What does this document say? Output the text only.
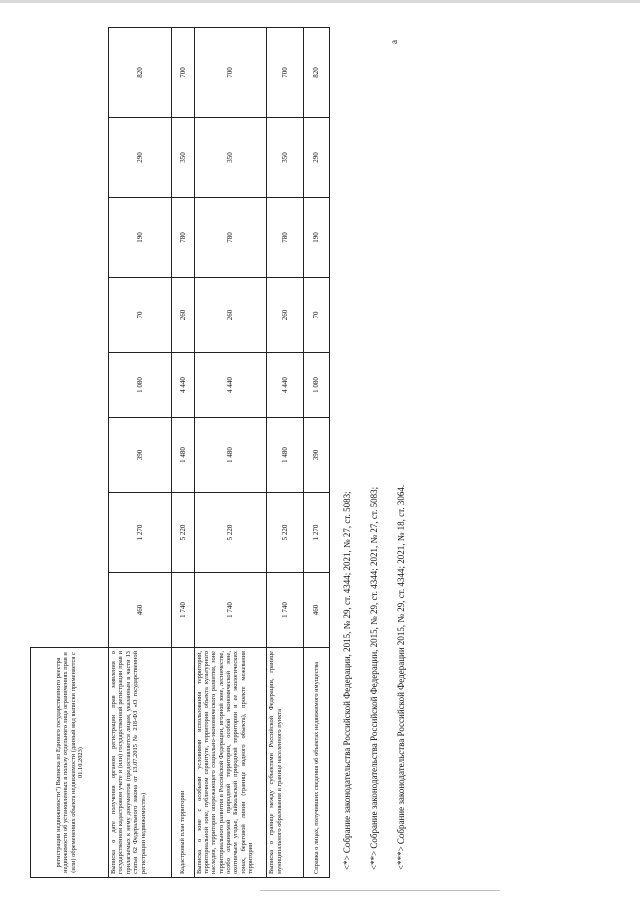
а
регистрации недвижимости") Выписка из Единого государственного реестра недвижимости об установленных в пользу отдельного лица ограничениях прав и (или) обременениях объекта недвижимости (данный вид выписки применяется с 01.10.2023)								
Выписка о дате получения органом регистрации прав заявления о государственном кадастровом учете и (или) государственной регистрации прав и прилагаемых к нему документов (предоставляется лицам, указанным в части 13 статьи 62 Федерального закона от 13.07.2015 № 218-ФЗ «О государственной регистрации недвижимости»)	460	1 270	390	1 080	70	190	290	820
Кадастровый план территории	1 740	5 220	1 480	4 440	260	780	350	700
Выписка о зоне с особыми условиями использования территорий, территориальной зоне, публичном сервитуте, территории объекта культурного наследия, территории опережающего социально-экономического развития, зоне территориального развития в Российской Федерации, игорной зоне, лесничестве, особо охраняемой природной территории, особой экономической зоне, охотничьем угодье, Байкальской природной территории и ее экологических зонах, береговой линии (границе водного объекта), проекте межевания территории	1 740	5 220	1 480	4 440	260	780	350	700
Выписка о границе между субъектами Российской Федерации, границе муниципального образования и границе населенного пункта	1 740	5 220	1 480	4 440	260	780	350	700
Справка о лицах, получивших сведения об объектах недвижимого имущества	460	1 270	390	1 080	70	190	290	820

<*> Собрание законодательства Российской Федерации, 2015, № 29, ст. 4344; 2021, № 27, ст. 5083;	<**> Собрание законодательства Российской Федерации, 2015, № 29, ст. 4344; 2021, № 27, ст. 5083;	<***> Собрание законодательства Российской Федерации 2015, № 29, ст. 4344; 2021, № 18, ст. 3064.
